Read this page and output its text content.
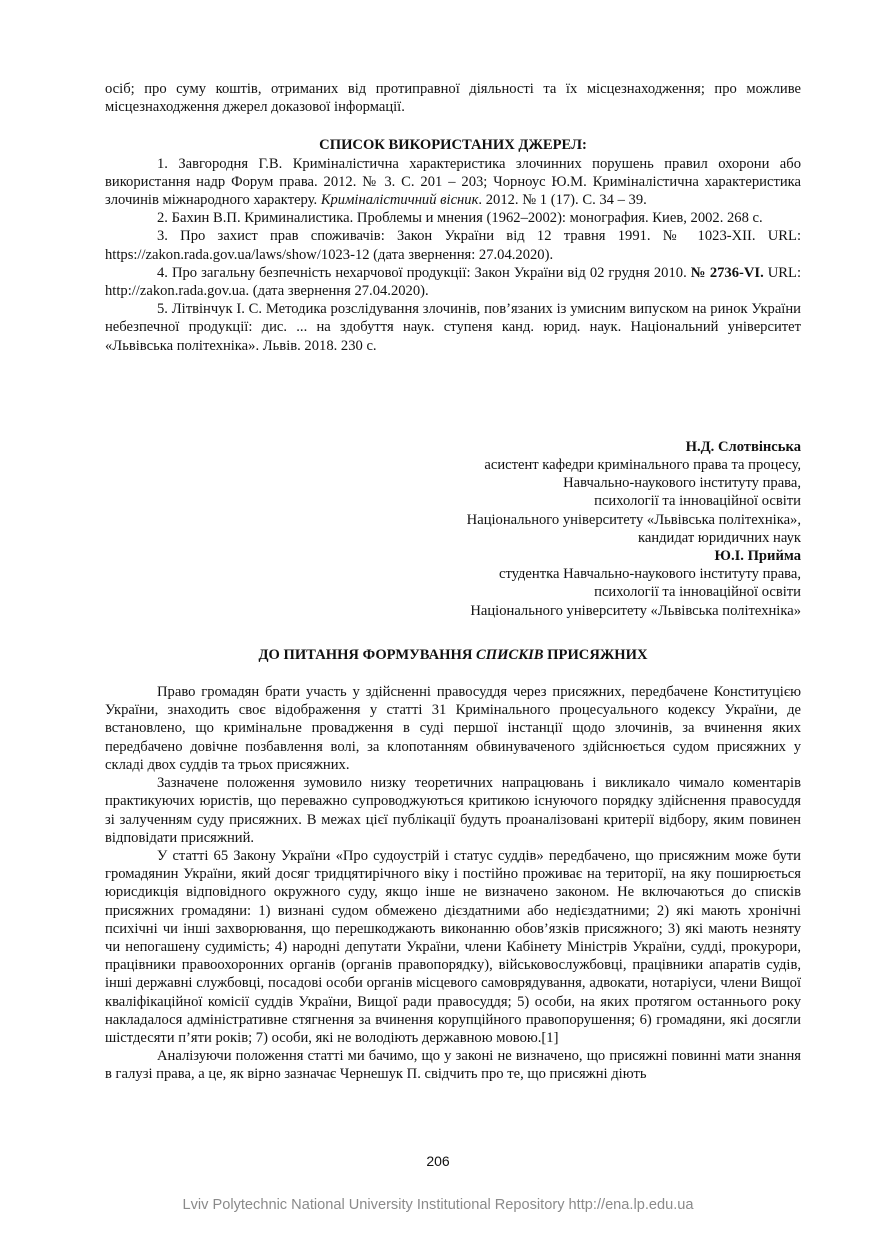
осіб; про суму коштів, отриманих від протиправної діяльності та їх місцезнаходження; про можливе місцезнаходження джерел доказової інформації.

СПИСОК ВИКОРИСТАНИХ ДЖЕРЕЛ:

1. Завгородня Г.В. Криміналістична характеристика злочинних порушень правил охорони або використання надр Форум права. 2012. № 3. С. 201 – 203; Чорноус Ю.М. Криміналістична характеристика злочинів міжнародного характеру. Криміналістичний вісник. 2012. № 1 (17). С. 34 – 39.

2. Бахин В.П. Криминалистика. Проблемы и мнения (1962–2002): монография. Киев, 2002. 268 с.

3. Про захист прав споживачів: Закон України від 12 травня 1991. № 1023-XII. URL: https://zakon.rada.gov.ua/laws/show/1023-12 (дата звернення: 27.04.2020).

4. Про загальну безпечність нехарчової продукції: Закон України від 02 грудня 2010. № 2736-VI. URL: http://zakon.rada.gov.ua. (дата звернення 27.04.2020).

5. Літвінчук І. С. Методика розслідування злочинів, пов’язаних із умисним випуском на ринок України небезпечної продукції: дис. ... на здобуття наук. ступеня канд. юрид. наук. Національний університет «Львівська політехніка». Львів. 2018. 230 с.

Н.Д. Слотвінська
асистент кафедри кримінального права та процесу,
Навчально-наукового інституту права,
психології та інноваційної освіти
Національного університету «Львівська політехніка»,
кандидат юридичних наук
Ю.І. Прийма
студентка Навчально-наукового інституту права,
психології та інноваційної освіти
Національного університету «Львівська політехніка»

ДО ПИТАННЯ ФОРМУВАННЯ СПИСКІВ ПРИСЯЖНИХ

Право громадян брати участь у здійсненні правосуддя через присяжних, передбачене Конституцією України, знаходить своє відображення у статті 31 Кримінального процесуального кодексу України, де встановлено, що кримінальне провадження в суді першої інстанції щодо злочинів, за вчинення яких передбачено довічне позбавлення волі, за клопотанням обвинуваченого здійснюється судом присяжних у складі двох суддів та трьох присяжних.

Зазначене положення зумовило низку теоретичних напрацювань і викликало чимало коментарів практикуючих юристів, що переважно супроводжуються критикою існуючого порядку здійснення правосуддя зі залученням суду присяжних. В межах цієї публікації будуть проаналізовані критерії відбору, яким повинен відповідати присяжний.

У статті 65 Закону України «Про судоустрій і статус суддів» передбачено, що присяжним може бути громадянин України, який досяг тридцятирічного віку і постійно проживає на території, на яку поширюється юрисдикція відповідного окружного суду, якщо інше не визначено законом. Не включаються до списків присяжних громадяни: 1) визнані судом обмежено дієздатними або недієздатними; 2) які мають хронічні психічні чи інші захворювання, що перешкоджають виконанню обов’язків присяжного; 3) які мають незняту чи непогашену судимість; 4) народні депутати України, члени Кабінету Міністрів України, судді, прокурори, працівники правоохоронних органів (органів правопорядку), військовослужбовці, працівники апаратів судів, інші державні службовці, посадові особи органів місцевого самоврядування, адвокати, нотаріуси, члени Вищої кваліфікаційної комісії суддів України, Вищої ради правосуддя; 5) особи, на яких протягом останнього року накладалося адміністративне стягнення за вчинення корупційного правопорушення; 6) громадяни, які досягли шістдесяти п’яти років; 7) особи, які не володіють державною мовою.[1]

Аналізуючи положення статті ми бачимо, що у законі не визначено, що присяжні повинні мати знання в галузі права, а це, як вірно зазначає Чернешук П. свідчить про те, що присяжні діють

206
Lviv Polytechnic National University Institutional Repository http://ena.lp.edu.ua
